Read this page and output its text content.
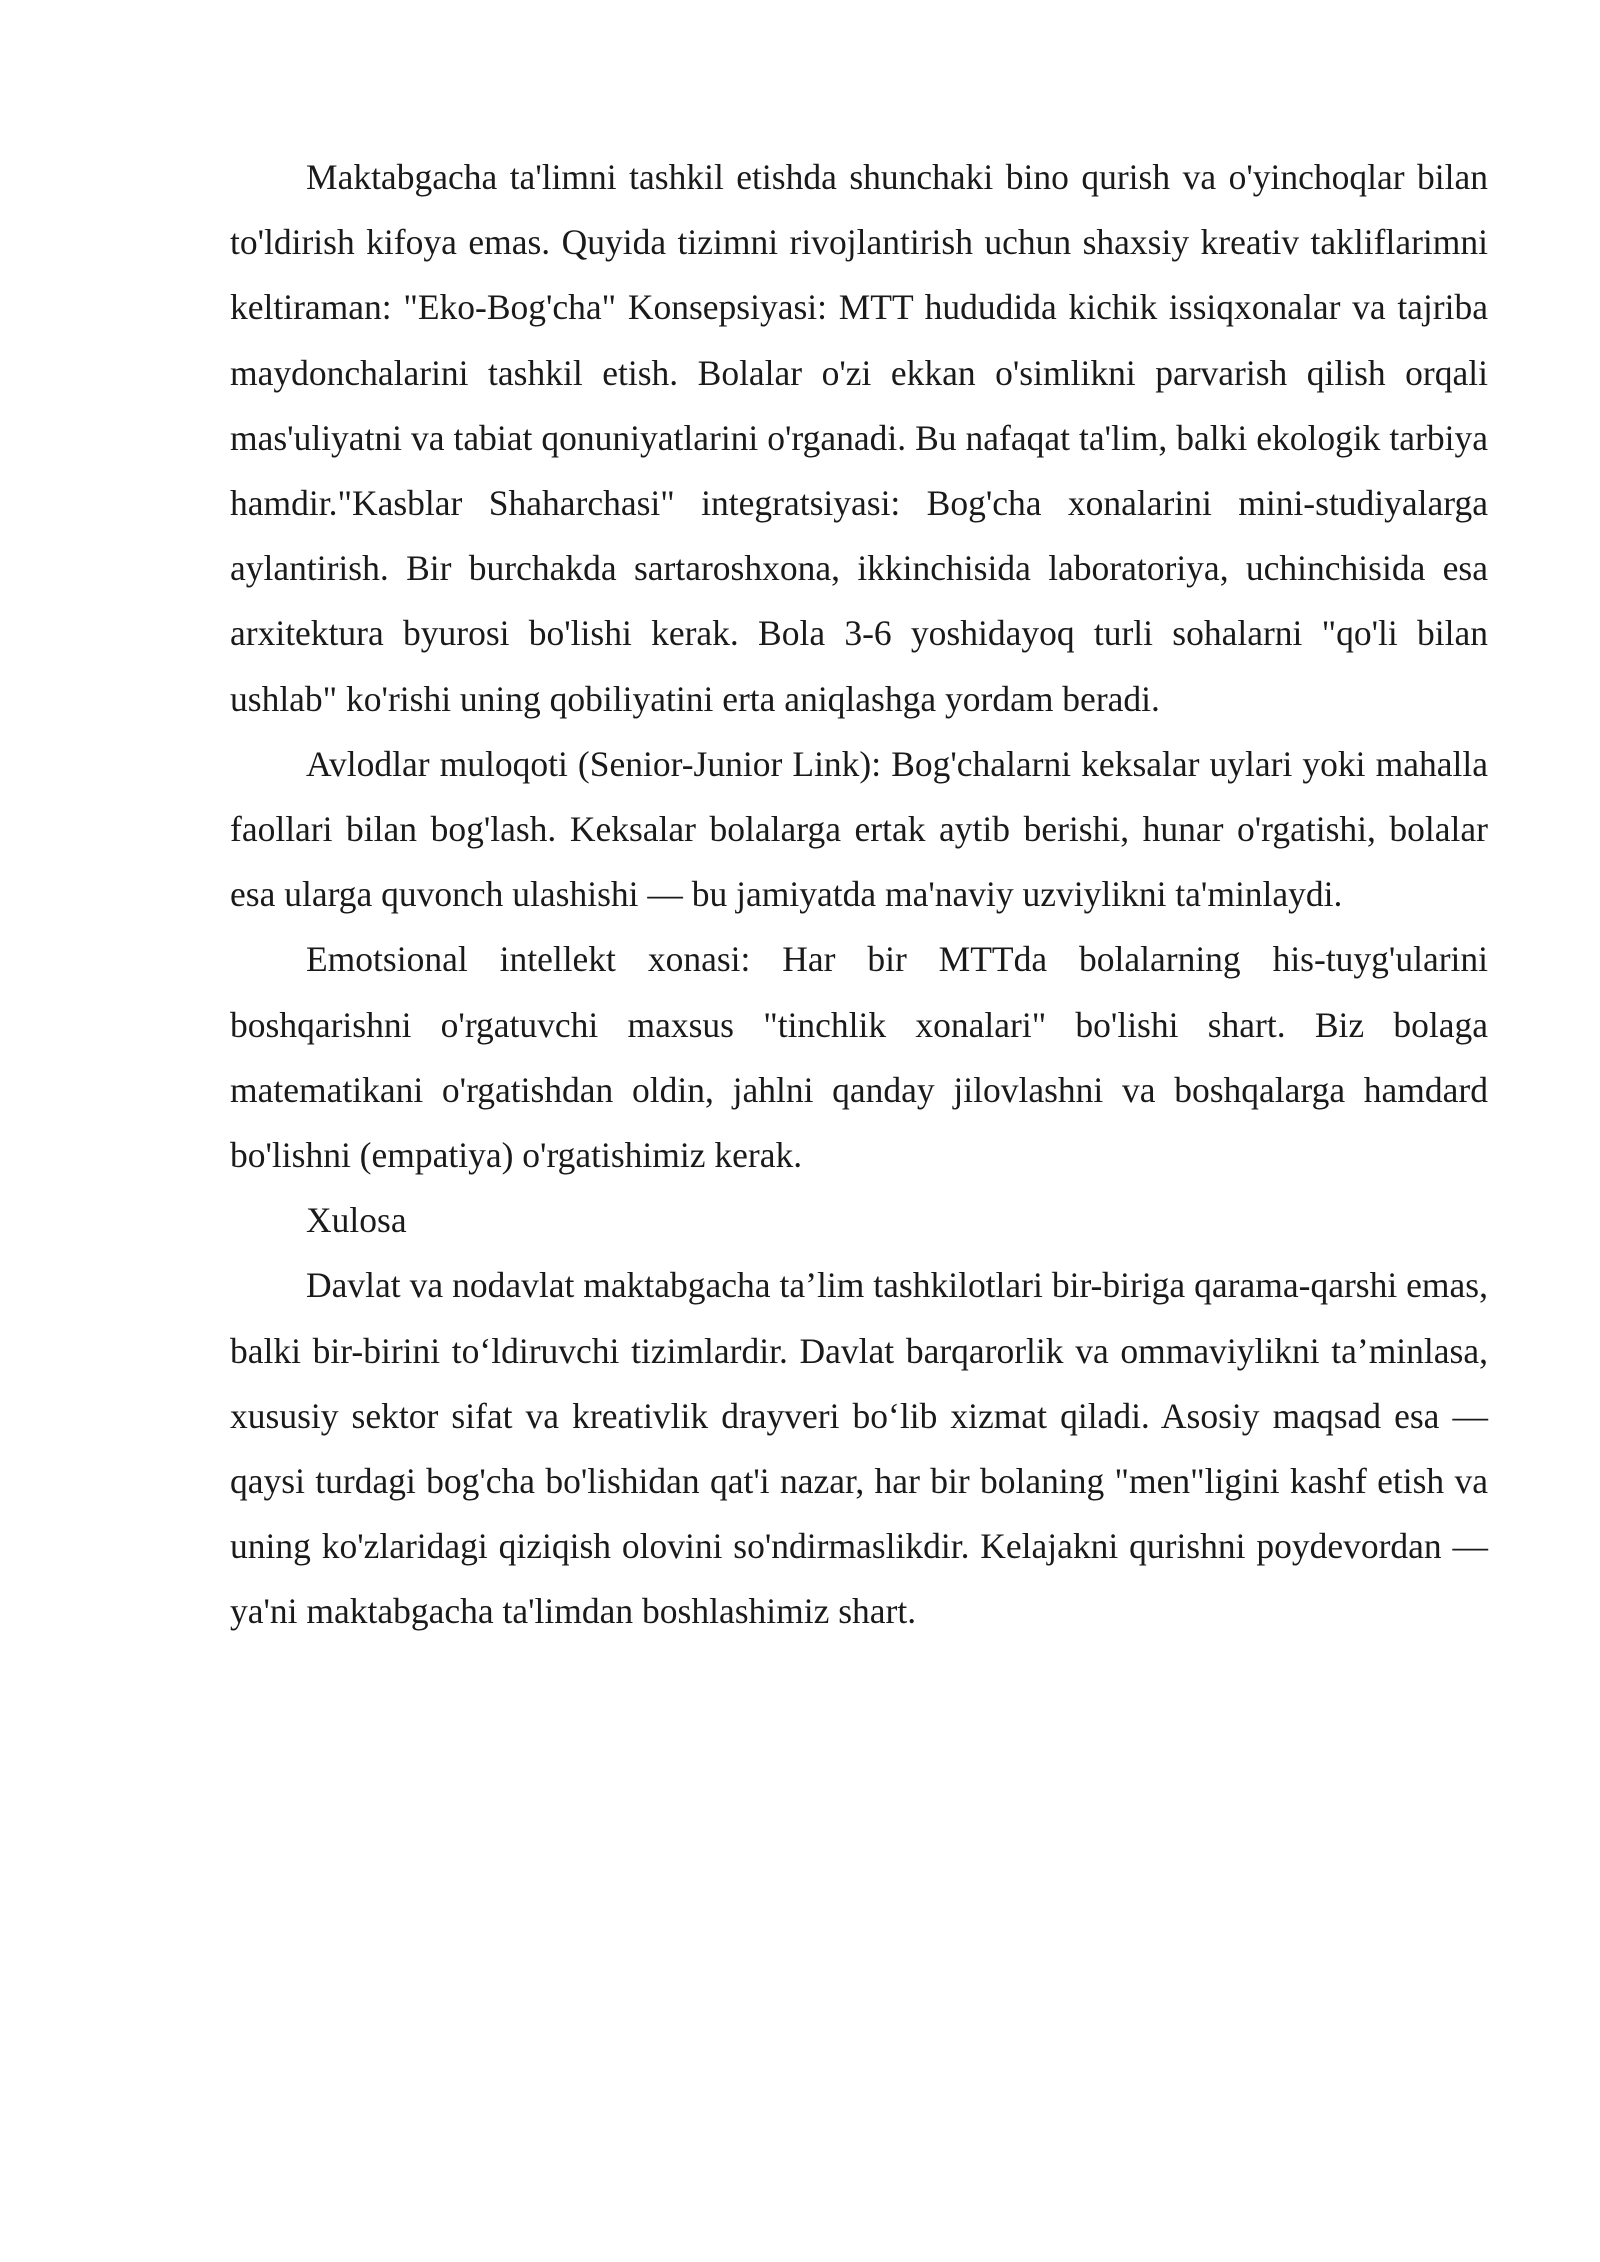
Maktabgacha ta'limni tashkil etishda shunchaki bino qurish va o'yinchoqlar bilan to'ldirish kifoya emas. Quyida tizimni rivojlantirish uchun shaxsiy kreativ takliflarimni keltiraman: "Eko-Bog'cha" Konsepsiyasi: MTT hududida kichik issiqxonalar va tajriba maydonchalarini tashkil etish. Bolalar o'zi ekkan o'simlikni parvarish qilish orqali mas'uliyatni va tabiat qonuniyatlarini o'rganadi. Bu nafaqat ta'lim, balki ekologik tarbiya hamdir."Kasblar Shaharchasi" integratsiyasi: Bog'cha xonalarini mini-studiyalarga aylantirish. Bir burchakda sartaroshxona, ikkinchisida laboratoriya, uchinchisida esa arxitektura byurosi bo'lishi kerak. Bola 3-6 yoshidayoq turli sohalarni "qo'li bilan ushlab" ko'rishi uning qobiliyatini erta aniqlashga yordam beradi.

Avlodlar muloqoti (Senior-Junior Link): Bog'chalarni keksalar uylari yoki mahalla faollari bilan bog'lash. Keksalar bolalarga ertak aytib berishi, hunar o'rgatishi, bolalar esa ularga quvonch ulashishi — bu jamiyatda ma'naviy uzviylikni ta'minlaydi.

Emotsional intellekt xonasi: Har bir MTTda bolalarning his-tuyg'ularini boshqarishni o'rgatuvchi maxsus "tinchlik xonalari" bo'lishi shart. Biz bolaga matematikani o'rgatishdan oldin, jahlni qanday jilovlashni va boshqalarga hamdard bo'lishni (empatiya) o'rgatishimiz kerak.

Xulosa

Davlat va nodavlat maktabgacha ta’lim tashkilotlari bir-biriga qarama-qarshi emas, balki bir-birini to‘ldiruvchi tizimlardir. Davlat barqarorlik va ommaviylikni ta’minlasa, xususiy sektor sifat va kreativlik drayveri bo‘lib xizmat qiladi. Asosiy maqsad esa — qaysi turdagi bog'cha bo'lishidan qat'i nazar, har bir bolaning "men"ligini kashf etish va uning ko'zlaridagi qiziqish olovini so'ndirmaslikdir. Kelajakni qurishni poydevordan — ya'ni maktabgacha ta'limdan boshlashimiz shart.
